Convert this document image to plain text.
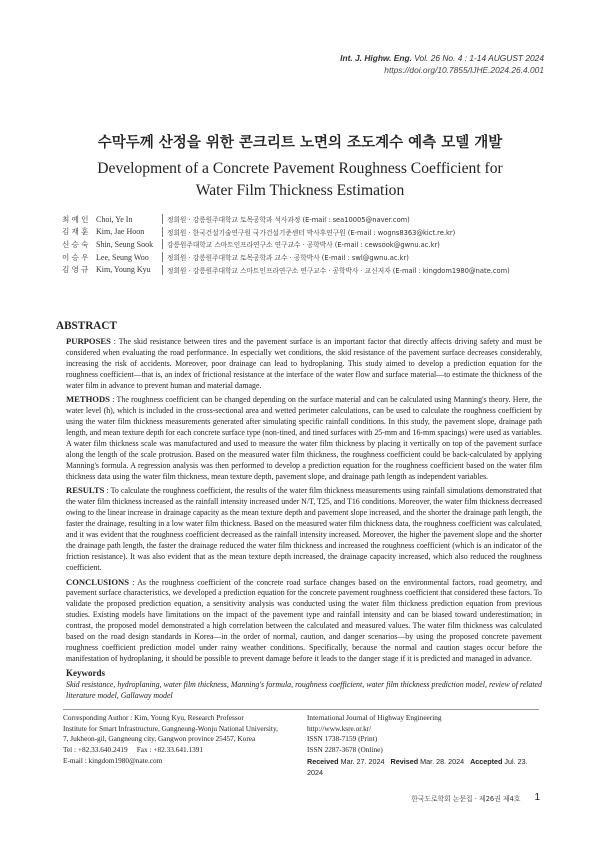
Int. J. Highw. Eng. Vol. 26 No. 4 : 1-14 AUGUST 2024
https://doi.org/10.7855/IJHE.2024.26.4.001
수막두께 산정을 위한 콘크리트 노면의 조도계수 예측 모델 개발
Development of a Concrete Pavement Roughness Coefficient for
Water Film Thickness Estimation
최예인 Choi, Ye In	정회원 · 강릉원주대학교 토목공학과 석사과정 (E-mail : sea10005@naver.com)
김재훈 Kim, Jae Hoon	정회원 · 한국건설기술연구원 국가건설기준센터 박사후연구원 (E-mail : wogns8363@kict.re.kr)
신승숙 Shin, Seung Sook	강릉원주대학교 스마트인프라연구소 연구교수 · 공학박사 (E-mail : cewsook@gwnu.ac.kr)
이승우 Lee, Seung Woo	정회원 · 강릉원주대학교 토목공학과 교수 · 공학박사 (E-mail : swl@gwnu.ac.kr)
김영규 Kim, Young Kyu	정회원 · 강릉원주대학교 스마트인프라연구소 연구교수 · 공학박사 · 교신저자 (E-mail : kingdom1980@nate.com)
ABSTRACT

PURPOSES : The skid resistance between tires and the pavement surface is an important factor that directly affects driving safety and must be considered when evaluating the road performance. In especially wet conditions, the skid resistance of the pavement surface decreases considerably, increasing the risk of accidents. Moreover, poor drainage can lead to hydroplaning. This study aimed to develop a prediction equation for the roughness coefficient—that is, an index of frictional resistance at the interface of the water flow and surface material—to estimate the thickness of the water film in advance to prevent human and material damage.

METHODS : The roughness coefficient can be changed depending on the surface material and can be calculated using Manning's theory. Here, the water level (h), which is included in the cross-sectional area and wetted perimeter calculations, can be used to calculate the roughness coefficient by using the water film thickness measurements generated after simulating specific rainfall conditions. In this study, the pavement slope, drainage path length, and mean texture depth for each concrete surface type (non-tined, and tined surfaces with 25-mm and 16-mm spacings) were used as variables. A water film thickness scale was manufactured and used to measure the water film thickness by placing it vertically on top of the pavement surface along the length of the scale protrusion. Based on the measured water film thickness, the roughness coefficient could be back-calculated by applying Manning's formula. A regression analysis was then performed to develop a prediction equation for the roughness coefficient based on the water film thickness data using the water film thickness, mean texture depth, pavement slope, and drainage path length as independent variables.

RESULTS : To calculate the roughness coefficient, the results of the water film thickness measurements using rainfall simulations demonstrated that the water film thickness increased as the rainfall intensity increased under N/T, T25, and T16 conditions. Moreover, the water film thickness decreased owing to the linear increase in drainage capacity as the mean texture depth and pavement slope increased, and the shorter the drainage path length, the faster the drainage, resulting in a low water film thickness. Based on the measured water film thickness data, the roughness coefficient was calculated, and it was evident that the roughness coefficient decreased as the rainfall intensity increased. Moreover, the higher the pavement slope and the shorter the drainage path length, the faster the drainage reduced the water film thickness and increased the roughness coefficient (which is an indicator of the friction resistance). It was also evident that as the mean texture depth increased, the drainage capacity increased, which also reduced the roughness coefficient.

CONCLUSIONS : As the roughness coefficient of the concrete road surface changes based on the environmental factors, road geometry, and pavement surface characteristics, we developed a prediction equation for the concrete pavement roughness coefficient that considered these factors. To validate the proposed prediction equation, a sensitivity analysis was conducted using the water film thickness prediction equation from previous studies. Existing models have limitations on the impact of the pavement type and rainfall intensity and can be biased toward underestimation; in contrast, the proposed model demonstrated a high correlation between the calculated and measured values. The water film thickness was calculated based on the road design standards in Korea—in the order of normal, caution, and danger scenarios—by using the proposed concrete pavement roughness coefficient prediction model under rainy weather conditions. Specifically, because the normal and caution stages occur before the manifestation of hydroplaning, it should be possible to prevent damage before it leads to the danger stage if it is predicted and managed in advance.

Keywords
Skid resistance, hydroplaning, water film thickness, Manning's formula, roughness coefficient, water film thickness prediction model, review of related literature model, Gallaway model

Corresponding Author : Kim, Young Kyu, Research Professor
Institute for Smart Infrastructure, Gangneung-Wonju National University,
7, Jukheon-gil, Gangneung city, Gangwon province 25457, Korea
Tel : +82.33.640.2419     Fax : +82.33.641.1391
E-mail : kingdom1980@nate.com
International Journal of Highway Engineering
http://www.ksre.or.kr/
ISSN 1738-7159 (Print)
ISSN 2287-3678 (Online)
Received Mar. 27. 2024 Revised Mar. 28. 2024 Accepted Jul. 23. 2024
한국도로학회 논문집 · 제26권 제4호 1
